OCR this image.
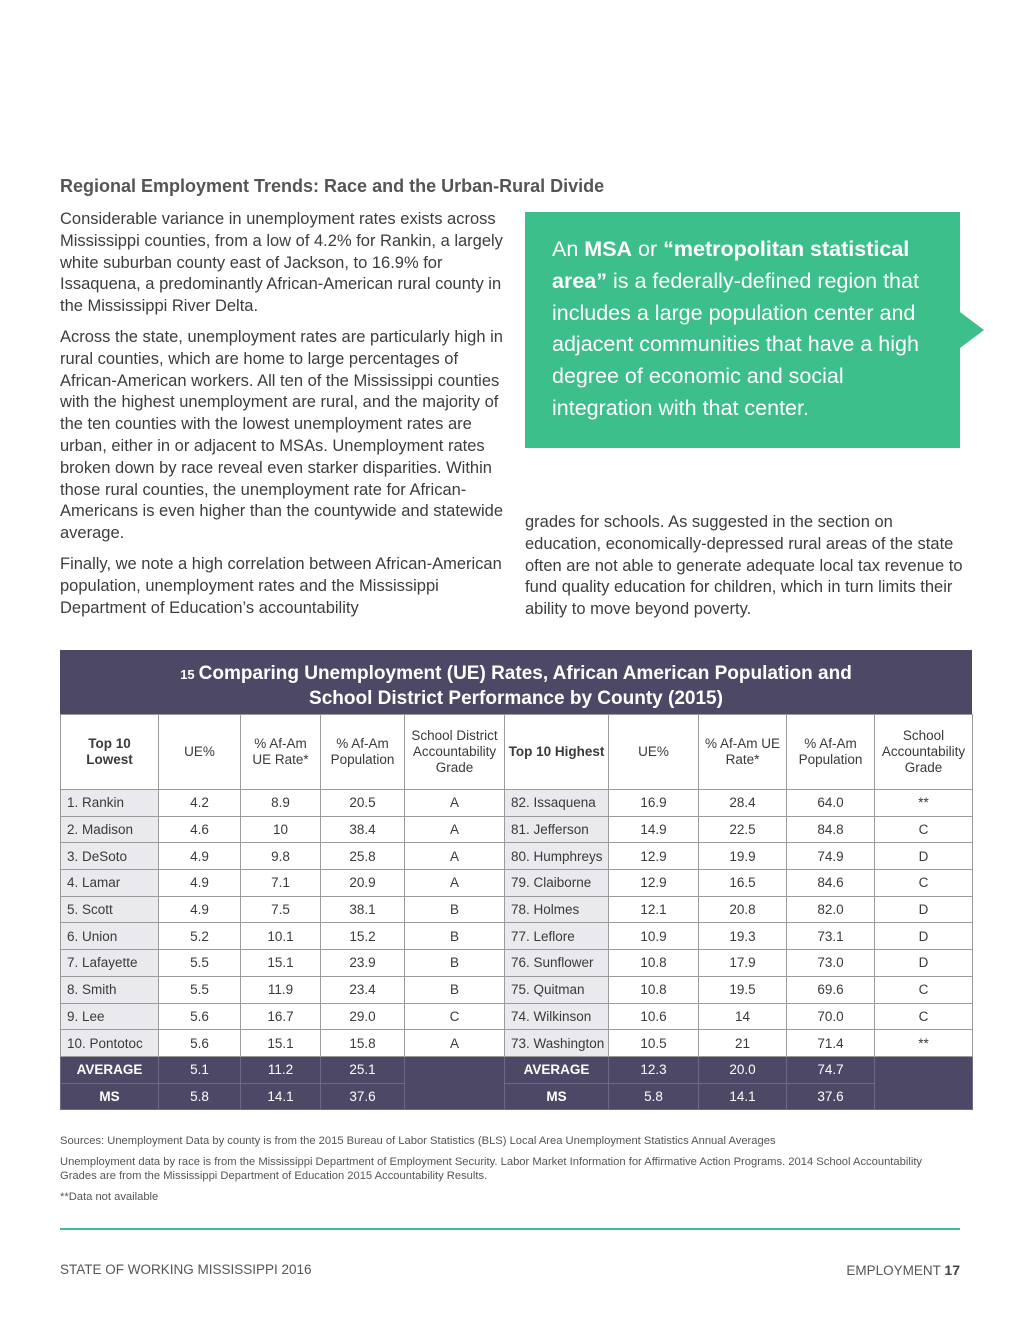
Regional Employment Trends: Race and the Urban-Rural Divide

Considerable variance in unemployment rates exists across Mississippi counties, from a low of 4.2% for Rankin, a largely white suburban county east of Jackson, to 16.9% for Issaquena, a predominantly African-American rural county in the Mississippi River Delta.

Across the state, unemployment rates are particularly high in rural counties, which are home to large percentages of African-American workers. All ten of the Mississippi counties with the highest unemployment are rural, and the majority of the ten counties with the lowest unemployment rates are urban, either in or adjacent to MSAs. Unemployment rates broken down by race reveal even starker disparities. Within those rural counties, the unemployment rate for African-Americans is even higher than the countywide and statewide average.

Finally, we note a high correlation between African-American population, unemployment rates and the Mississippi Department of Education’s accountability

An MSA or “metropolitan statistical area” is a federally-defined region that includes a large population center and adjacent communities that have a high degree of economic and social integration with that center.

grades for schools. As suggested in the section on education, economically-depressed rural areas of the state often are not able to generate adequate local tax revenue to fund quality education for children, which in turn limits their ability to move beyond poverty.

15 Comparing Unemployment (UE) Rates, African American Population and
School District Performance by County (2015)
Top 10 Lowest	UE%	% Af-Am UE Rate*	% Af-Am Population	School District Accountability Grade	Top 10 Highest	UE%	% Af-Am UE Rate*	% Af-Am Population	School Accountability Grade
1. Rankin	4.2	8.9	20.5	A	82. Issaquena	16.9	28.4	64.0	**
2. Madison	4.6	10	38.4	A	81. Jefferson	14.9	22.5	84.8	C
3. DeSoto	4.9	9.8	25.8	A	80. Humphreys	12.9	19.9	74.9	D
4. Lamar	4.9	7.1	20.9	A	79. Claiborne	12.9	16.5	84.6	C
5. Scott	4.9	7.5	38.1	B	78. Holmes	12.1	20.8	82.0	D
6. Union	5.2	10.1	15.2	B	77. Leflore	10.9	19.3	73.1	D
7. Lafayette	5.5	15.1	23.9	B	76. Sunflower	10.8	17.9	73.0	D
8. Smith	5.5	11.9	23.4	B	75. Quitman	10.8	19.5	69.6	C
9. Lee	5.6	16.7	29.0	C	74. Wilkinson	10.6	14	70.0	C
10. Pontotoc	5.6	15.1	15.8	A	73. Washington	10.5	21	71.4	**
AVERAGE	5.1	11.2	25.1		AVERAGE	12.3	20.0	74.7	
MS	5.8	14.1	37.6		MS	5.8	14.1	37.6	

Sources: Unemployment Data by county is from the 2015 Bureau of Labor Statistics (BLS) Local Area Unemployment Statistics Annual Averages

Unemployment data by race is from the Mississippi Department of Employment Security. Labor Market Information for Affirmative Action Programs. 2014 School Accountability Grades are from the Mississippi Department of Education 2015 Accountability Results.

**Data not available

STATE OF WORKING MISSISSIPPI 2016	EMPLOYMENT 17
